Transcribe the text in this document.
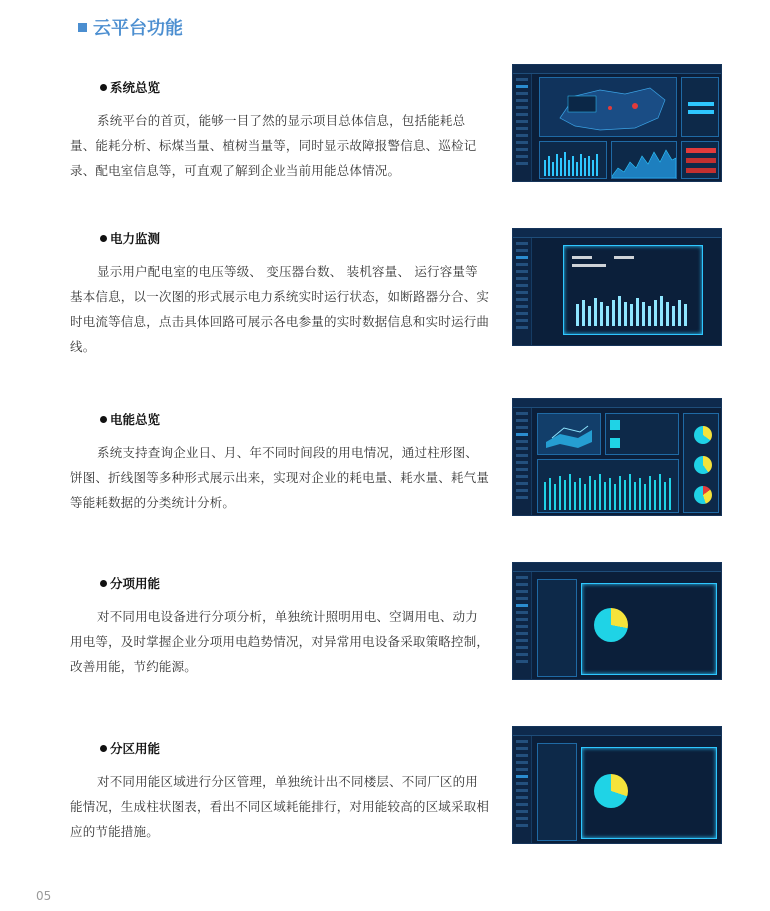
云平台功能
系统总览
系统平台的首页，能够一目了然的显示项目总体信息，包括能耗总量、能耗分析、标煤当量、植树当量等，同时显示故障报警信息、巡检记录、配电室信息等，可直观了解到企业当前用能总体情况。
电力监测
显示用户配电室的电压等级、 变压器台数、 装机容量、 运行容量等基本信息，以一次图的形式展示电力系统实时运行状态，如断路器分合、实时电流等信息，点击具体回路可展示各电参量的实时数据信息和实时运行曲线。
电能总览
系统支持查询企业日、月、年不同时间段的用电情况，通过柱形图、饼图、折线图等多种形式展示出来，实现对企业的耗电量、耗水量、耗气量等能耗数据的分类统计分析。
分项用能
对不同用电设备进行分项分析，单独统计照明用电、空调用电、动力用电等，及时掌握企业分项用电趋势情况，对异常用电设备采取策略控制，改善用能，节约能源。
分区用能
对不同用能区域进行分区管理，单独统计出不同楼层、不同厂区的用能情况，生成柱状图表，看出不同区域耗能排行，对用能较高的区域采取相应的节能措施。
05
